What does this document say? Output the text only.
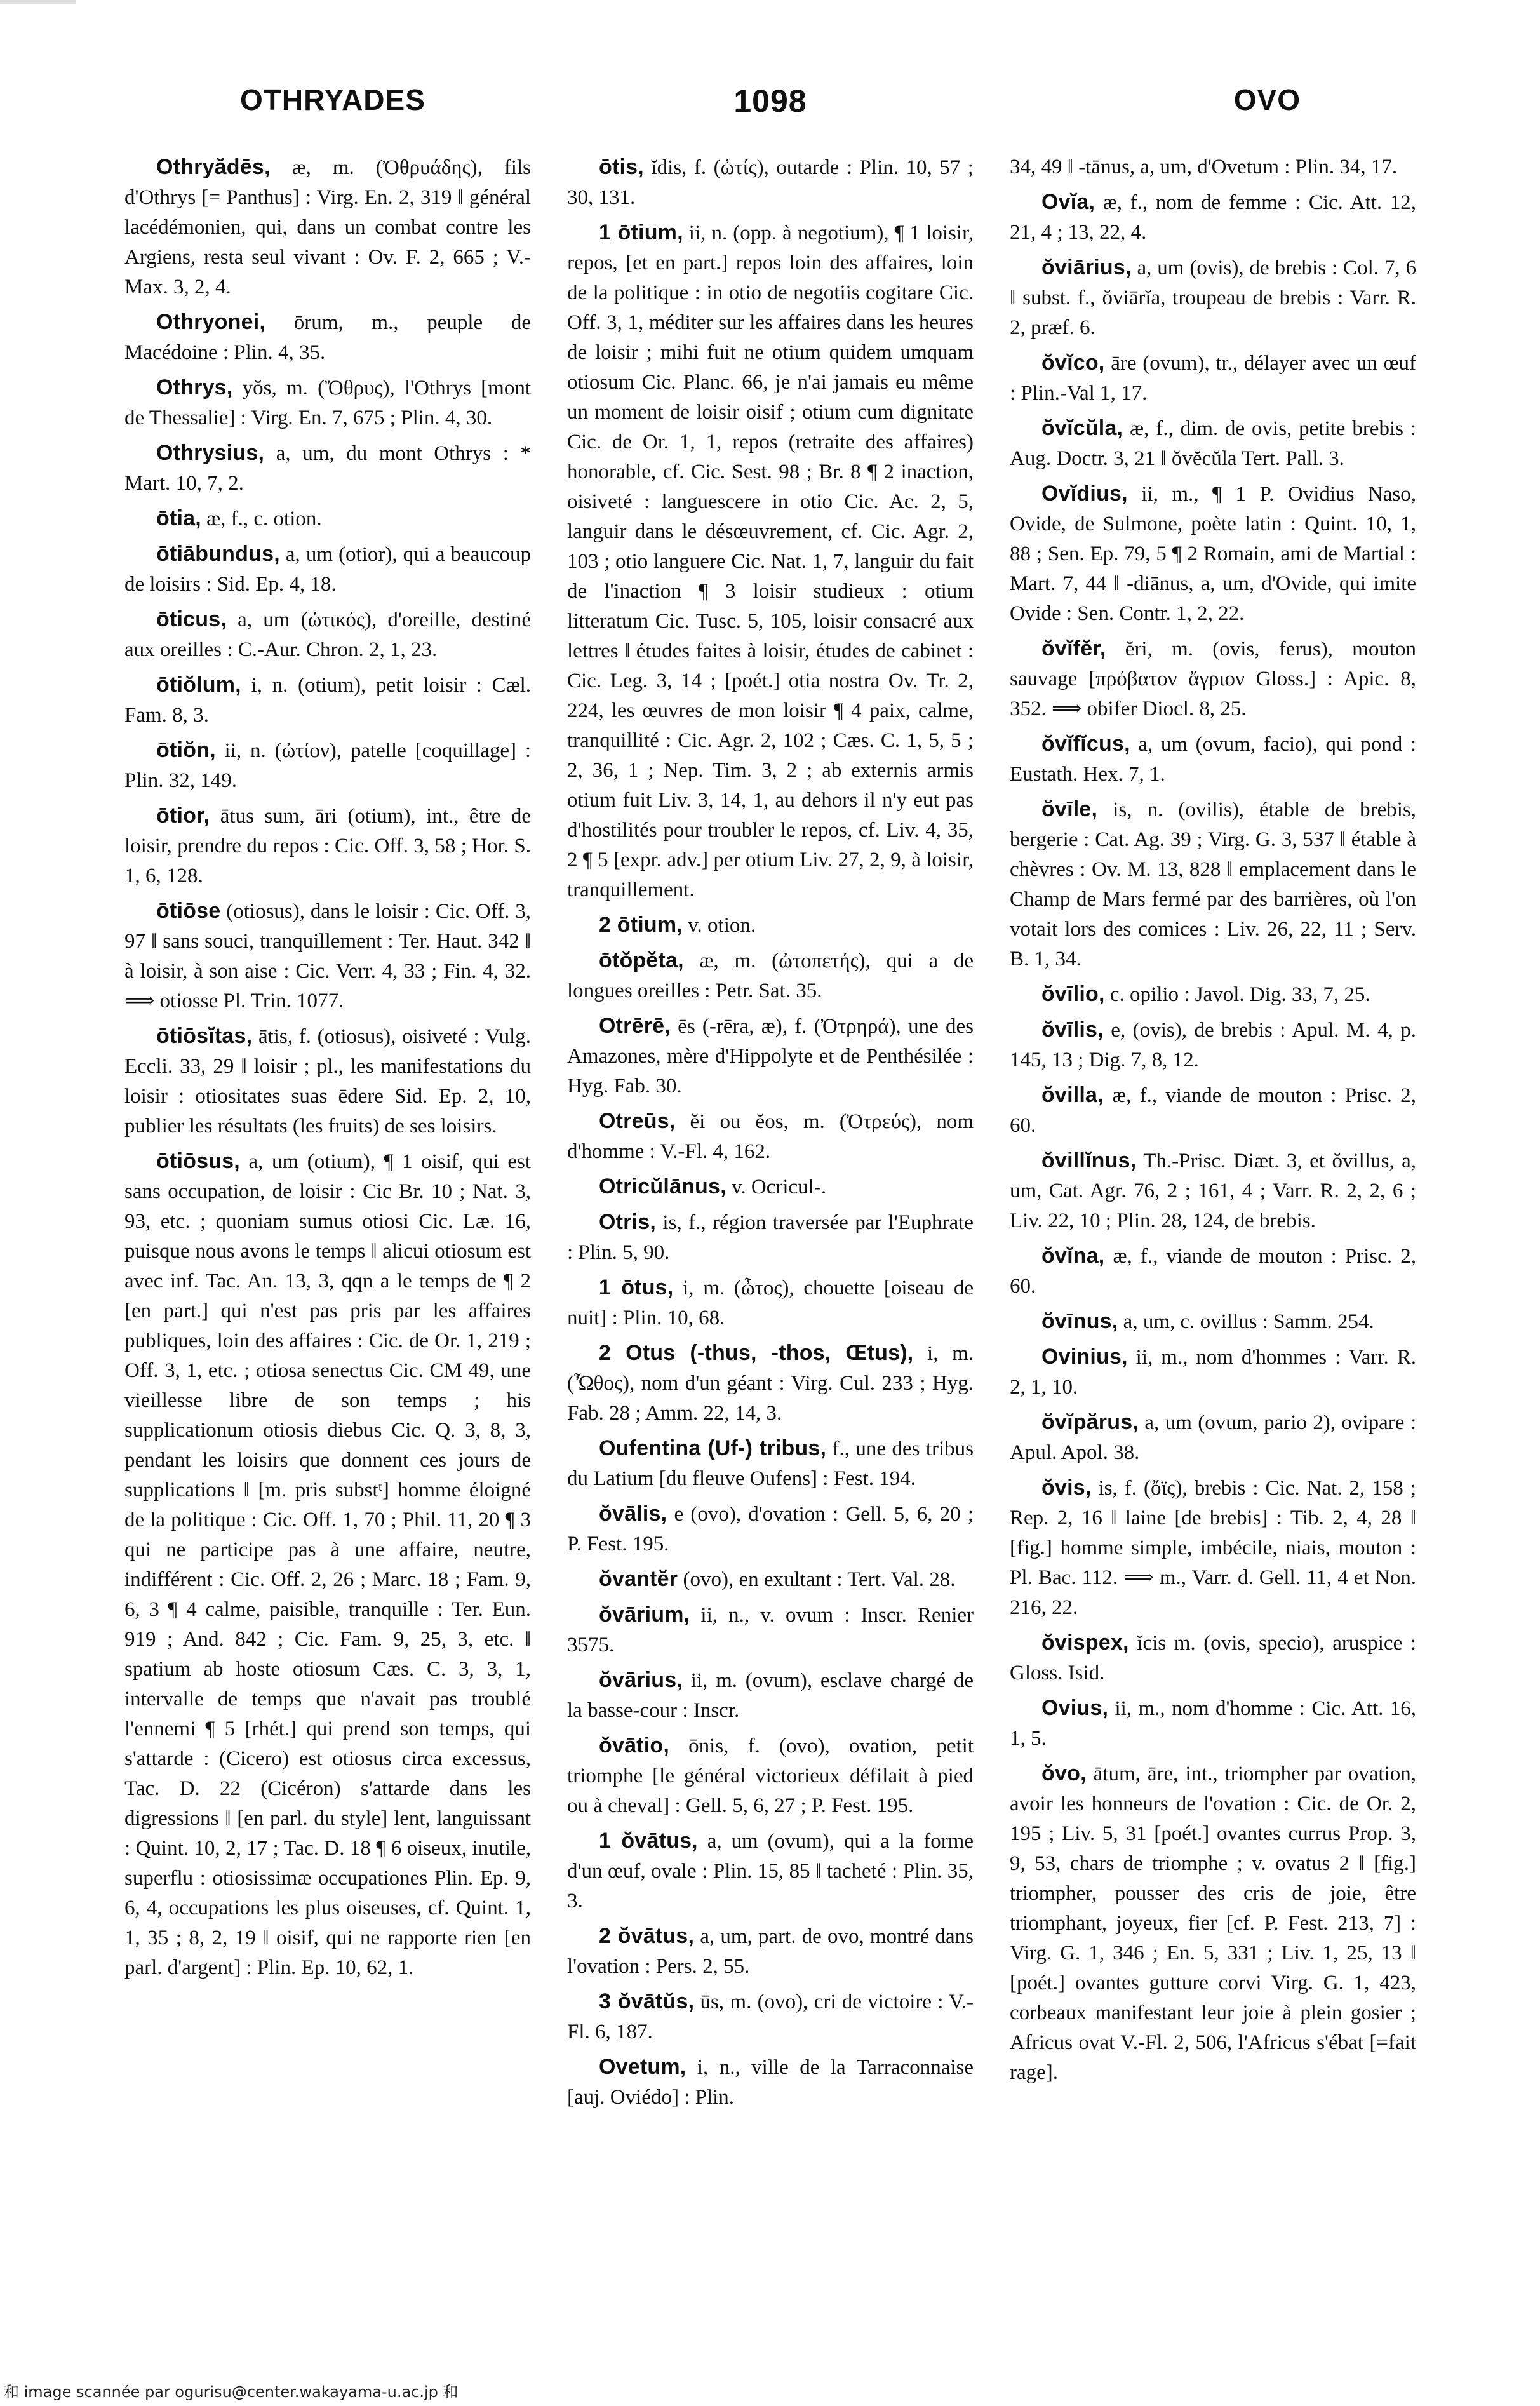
1098
OTHRYADES	OVO

Othryădēs, æ, m. (Ὀθρυάδης), fils d'Othrys [= Panthus] : Virg. En. 2, 319 ‖ général lacédémonien, qui, dans un combat contre les Argiens, resta seul vivant : Ov. F. 2, 665 ; V.-Max. 3, 2, 4.

Othryonei, ōrum, m., peuple de Macédoine : Plin. 4, 35.

Othrys, yŏs, m. (Ὄθρυς), l'Othrys [mont de Thessalie] : Virg. En. 7, 675 ; Plin. 4, 30.

Othrysius, a, um, du mont Othrys : * Mart. 10, 7, 2.

ōtia, æ, f., c. otion.

ōtiābundus, a, um (otior), qui a beaucoup de loisirs : Sid. Ep. 4, 18.

ōticus, a, um (ὠτικός), d'oreille, destiné aux oreilles : C.-Aur. Chron. 2, 1, 23.

ōtiŏlum, i, n. (otium), petit loisir : Cæl. Fam. 8, 3.

ōtiŏn, ii, n. (ὠτίον), patelle [coquillage] : Plin. 32, 149.

ōtior, ātus sum, āri (otium), int., être de loisir, prendre du repos : Cic. Off. 3, 58 ; Hor. S. 1, 6, 128.

ōtiōse (otiosus), dans le loisir : Cic. Off. 3, 97 ‖ sans souci, tranquillement : Ter. Haut. 342 ‖ à loisir, à son aise : Cic. Verr. 4, 33 ; Fin. 4, 32. ⟹ otiosse Pl. Trin. 1077.

ōtiōsĭtas, ātis, f. (otiosus), oisiveté : Vulg. Eccli. 33, 29 ‖ loisir ; pl., les manifestations du loisir : otiositates suas ēdere Sid. Ep. 2, 10, publier les résultats (les fruits) de ses loisirs.

ōtiōsus, a, um (otium), ¶ 1 oisif, qui est sans occupation, de loisir : Cic Br. 10 ; Nat. 3, 93, etc. ; quoniam sumus otiosi Cic. Læ. 16, puisque nous avons le temps ‖ alicui otiosum est avec inf. Tac. An. 13, 3, qqn a le temps de ¶ 2 [en part.] qui n'est pas pris par les affaires publiques, loin des affaires : Cic. de Or. 1, 219 ; Off. 3, 1, etc. ; otiosa senectus Cic. CM 49, une vieillesse libre de son temps ; his supplicationum otiosis diebus Cic. Q. 3, 8, 3, pendant les loisirs que donnent ces jours de supplications ‖ [m. pris substᵗ] homme éloigné de la politique : Cic. Off. 1, 70 ; Phil. 11, 20 ¶ 3 qui ne participe pas à une affaire, neutre, indifférent : Cic. Off. 2, 26 ; Marc. 18 ; Fam. 9, 6, 3 ¶ 4 calme, paisible, tranquille : Ter. Eun. 919 ; And. 842 ; Cic. Fam. 9, 25, 3, etc. ‖ spatium ab hoste otiosum Cæs. C. 3, 3, 1, intervalle de temps que n'avait pas troublé l'ennemi ¶ 5 [rhét.] qui prend son temps, qui s'attarde : (Cicero) est otiosus circa excessus, Tac. D. 22 (Cicéron) s'attarde dans les digressions ‖ [en parl. du style] lent, languissant : Quint. 10, 2, 17 ; Tac. D. 18 ¶ 6 oiseux, inutile, superflu : otiosissimæ occupationes Plin. Ep. 9, 6, 4, occupations les plus oiseuses, cf. Quint. 1, 1, 35 ; 8, 2, 19 ‖ oisif, qui ne rapporte rien [en parl. d'argent] : Plin. Ep. 10, 62, 1.

ōtis, ĭdis, f. (ὠτίς), outarde : Plin. 10, 57 ; 30, 131.

1 ōtium, ii, n. (opp. à negotium), ¶ 1 loisir, repos, [et en part.] repos loin des affaires, loin de la politique : in otio de negotiis cogitare Cic. Off. 3, 1, méditer sur les affaires dans les heures de loisir ; mihi fuit ne otium quidem umquam otiosum Cic. Planc. 66, je n'ai jamais eu même un moment de loisir oisif ; otium cum dignitate Cic. de Or. 1, 1, repos (retraite des affaires) honorable, cf. Cic. Sest. 98 ; Br. 8 ¶ 2 inaction, oisiveté : languescere in otio Cic. Ac. 2, 5, languir dans le désœuvrement, cf. Cic. Agr. 2, 103 ; otio languere Cic. Nat. 1, 7, languir du fait de l'inaction ¶ 3 loisir studieux : otium litteratum Cic. Tusc. 5, 105, loisir consacré aux lettres ‖ études faites à loisir, études de cabinet : Cic. Leg. 3, 14 ; [poét.] otia nostra Ov. Tr. 2, 224, les œuvres de mon loisir ¶ 4 paix, calme, tranquillité : Cic. Agr. 2, 102 ; Cæs. C. 1, 5, 5 ; 2, 36, 1 ; Nep. Tim. 3, 2 ; ab externis armis otium fuit Liv. 3, 14, 1, au dehors il n'y eut pas d'hostilités pour troubler le repos, cf. Liv. 4, 35, 2 ¶ 5 [expr. adv.] per otium Liv. 27, 2, 9, à loisir, tranquillement.

2 ōtium, v. otion.

ōtŏpĕta, æ, m. (ὠτοπετής), qui a de longues oreilles : Petr. Sat. 35.

Otrērē, ēs (-rēra, æ), f. (Ὀτρηρά), une des Amazones, mère d'Hippolyte et de Penthésilée : Hyg. Fab. 30.

Otreūs, ĕi ou ĕos, m. (Ὀτρεύς), nom d'homme : V.-Fl. 4, 162.

Otricŭlānus, v. Ocricul-.

Otris, is, f., région traversée par l'Euphrate : Plin. 5, 90.

1 ōtus, i, m. (ὦτος), chouette [oiseau de nuit] : Plin. 10, 68.

2 Otus (-thus, -thos, Œtus), i, m. (Ὦθος), nom d'un géant : Virg. Cul. 233 ; Hyg. Fab. 28 ; Amm. 22, 14, 3.

Oufentina (Uf-) tribus, f., une des tribus du Latium [du fleuve Oufens] : Fest. 194.

ŏvālis, e (ovo), d'ovation : Gell. 5, 6, 20 ; P. Fest. 195.

ŏvantĕr (ovo), en exultant : Tert. Val. 28.

ŏvārium, ii, n., v. ovum : Inscr. Renier 3575.

ŏvārius, ii, m. (ovum), esclave chargé de la basse-cour : Inscr.

ŏvātio, ōnis, f. (ovo), ovation, petit triomphe [le général victorieux défilait à pied ou à cheval] : Gell. 5, 6, 27 ; P. Fest. 195.

1 ŏvātus, a, um (ovum), qui a la forme d'un œuf, ovale : Plin. 15, 85 ‖ tacheté : Plin. 35, 3.

2 ŏvātus, a, um, part. de ovo, montré dans l'ovation : Pers. 2, 55.

3 ŏvātŭs, ūs, m. (ovo), cri de victoire : V.-Fl. 6, 187.

Ovetum, i, n., ville de la Tarraconnaise [auj. Oviédo] : Plin.

34, 49 ‖ -tānus, a, um, d'Ovetum : Plin. 34, 17.

Ovĭa, æ, f., nom de femme : Cic. Att. 12, 21, 4 ; 13, 22, 4.

ŏviārius, a, um (ovis), de brebis : Col. 7, 6 ‖ subst. f., ŏviārĭa, troupeau de brebis : Varr. R. 2, præf. 6.

ŏvĭco, āre (ovum), tr., délayer avec un œuf : Plin.-Val 1, 17.

ŏvĭcŭla, æ, f., dim. de ovis, petite brebis : Aug. Doctr. 3, 21 ‖ ŏvĕcŭla Tert. Pall. 3.

Ovĭdius, ii, m., ¶ 1 P. Ovidius Naso, Ovide, de Sulmone, poète latin : Quint. 10, 1, 88 ; Sen. Ep. 79, 5 ¶ 2 Romain, ami de Martial : Mart. 7, 44 ‖ -diānus, a, um, d'Ovide, qui imite Ovide : Sen. Contr. 1, 2, 22.

ŏvĭfĕr, ĕri, m. (ovis, ferus), mouton sauvage [πρόβατον ἄγριον Gloss.] : Apic. 8, 352. ⟹ obifer Diocl. 8, 25.

ŏvĭfĭcus, a, um (ovum, facio), qui pond : Eustath. Hex. 7, 1.

ŏvīle, is, n. (ovilis), étable de brebis, bergerie : Cat. Ag. 39 ; Virg. G. 3, 537 ‖ étable à chèvres : Ov. M. 13, 828 ‖ emplacement dans le Champ de Mars fermé par des barrières, où l'on votait lors des comices : Liv. 26, 22, 11 ; Serv. B. 1, 34.

ŏvīlio, c. opilio : Javol. Dig. 33, 7, 25.

ŏvīlis, e, (ovis), de brebis : Apul. M. 4, p. 145, 13 ; Dig. 7, 8, 12.

ŏvilla, æ, f., viande de mouton : Prisc. 2, 60.

ŏvillĭnus, Th.-Prisc. Diæt. 3, et ŏvillus, a, um, Cat. Agr. 76, 2 ; 161, 4 ; Varr. R. 2, 2, 6 ; Liv. 22, 10 ; Plin. 28, 124, de brebis.

ŏvĭna, æ, f., viande de mouton : Prisc. 2, 60.

ŏvīnus, a, um, c. ovillus : Samm. 254.

Ovinius, ii, m., nom d'hommes : Varr. R. 2, 1, 10.

ŏvĭpărus, a, um (ovum, pario 2), ovipare : Apul. Apol. 38.

ŏvis, is, f. (ὄϊς), brebis : Cic. Nat. 2, 158 ; Rep. 2, 16 ‖ laine [de brebis] : Tib. 2, 4, 28 ‖ [fig.] homme simple, imbécile, niais, mouton : Pl. Bac. 112. ⟹ m., Varr. d. Gell. 11, 4 et Non. 216, 22.

ŏvispex, ĭcis m. (ovis, specio), aruspice : Gloss. Isid.

Ovius, ii, m., nom d'homme : Cic. Att. 16, 1, 5.

ŏvo, ātum, āre, int., triompher par ovation, avoir les honneurs de l'ovation : Cic. de Or. 2, 195 ; Liv. 5, 31 [poét.] ovantes currus Prop. 3, 9, 53, chars de triomphe ; v. ovatus 2 ‖ [fig.] triompher, pousser des cris de joie, être triomphant, joyeux, fier [cf. P. Fest. 213, 7] : Virg. G. 1, 346 ; En. 5, 331 ; Liv. 1, 25, 13 ‖ [poét.] ovantes gutture corvi Virg. G. 1, 423, corbeaux manifestant leur joie à plein gosier ; Africus ovat V.-Fl. 2, 506, l'Africus s'ébat [=fait rage].

和 image scannée par ogurisu@center.wakayama-u.ac.jp 和
